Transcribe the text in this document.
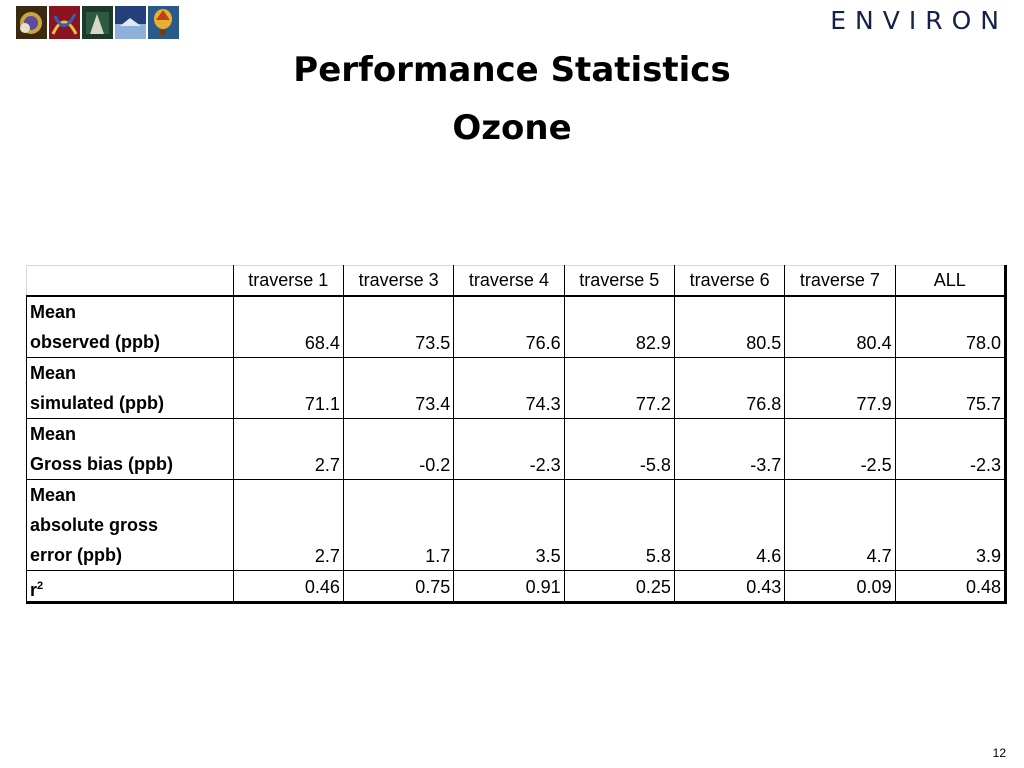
ENVIRON
Performance Statistics
Ozone
	traverse 1	traverse 3	traverse 4	traverse 5	traverse 6	traverse 7	ALL

Mean
observed (ppb)	68.4	73.5	76.6	82.9	80.5	80.4	78.0

Mean
simulated (ppb)	71.1	73.4	74.3	77.2	76.8	77.9	75.7

Mean
Gross bias (ppb)	2.7	-0.2	-2.3	-5.8	-3.7	-2.5	-2.3

Mean
absolute gross
error (ppb)	2.7	1.7	3.5	5.8	4.6	4.7	3.9

$r^2$	0.46	0.75	0.91	0.25	0.43	0.09	0.48
12
